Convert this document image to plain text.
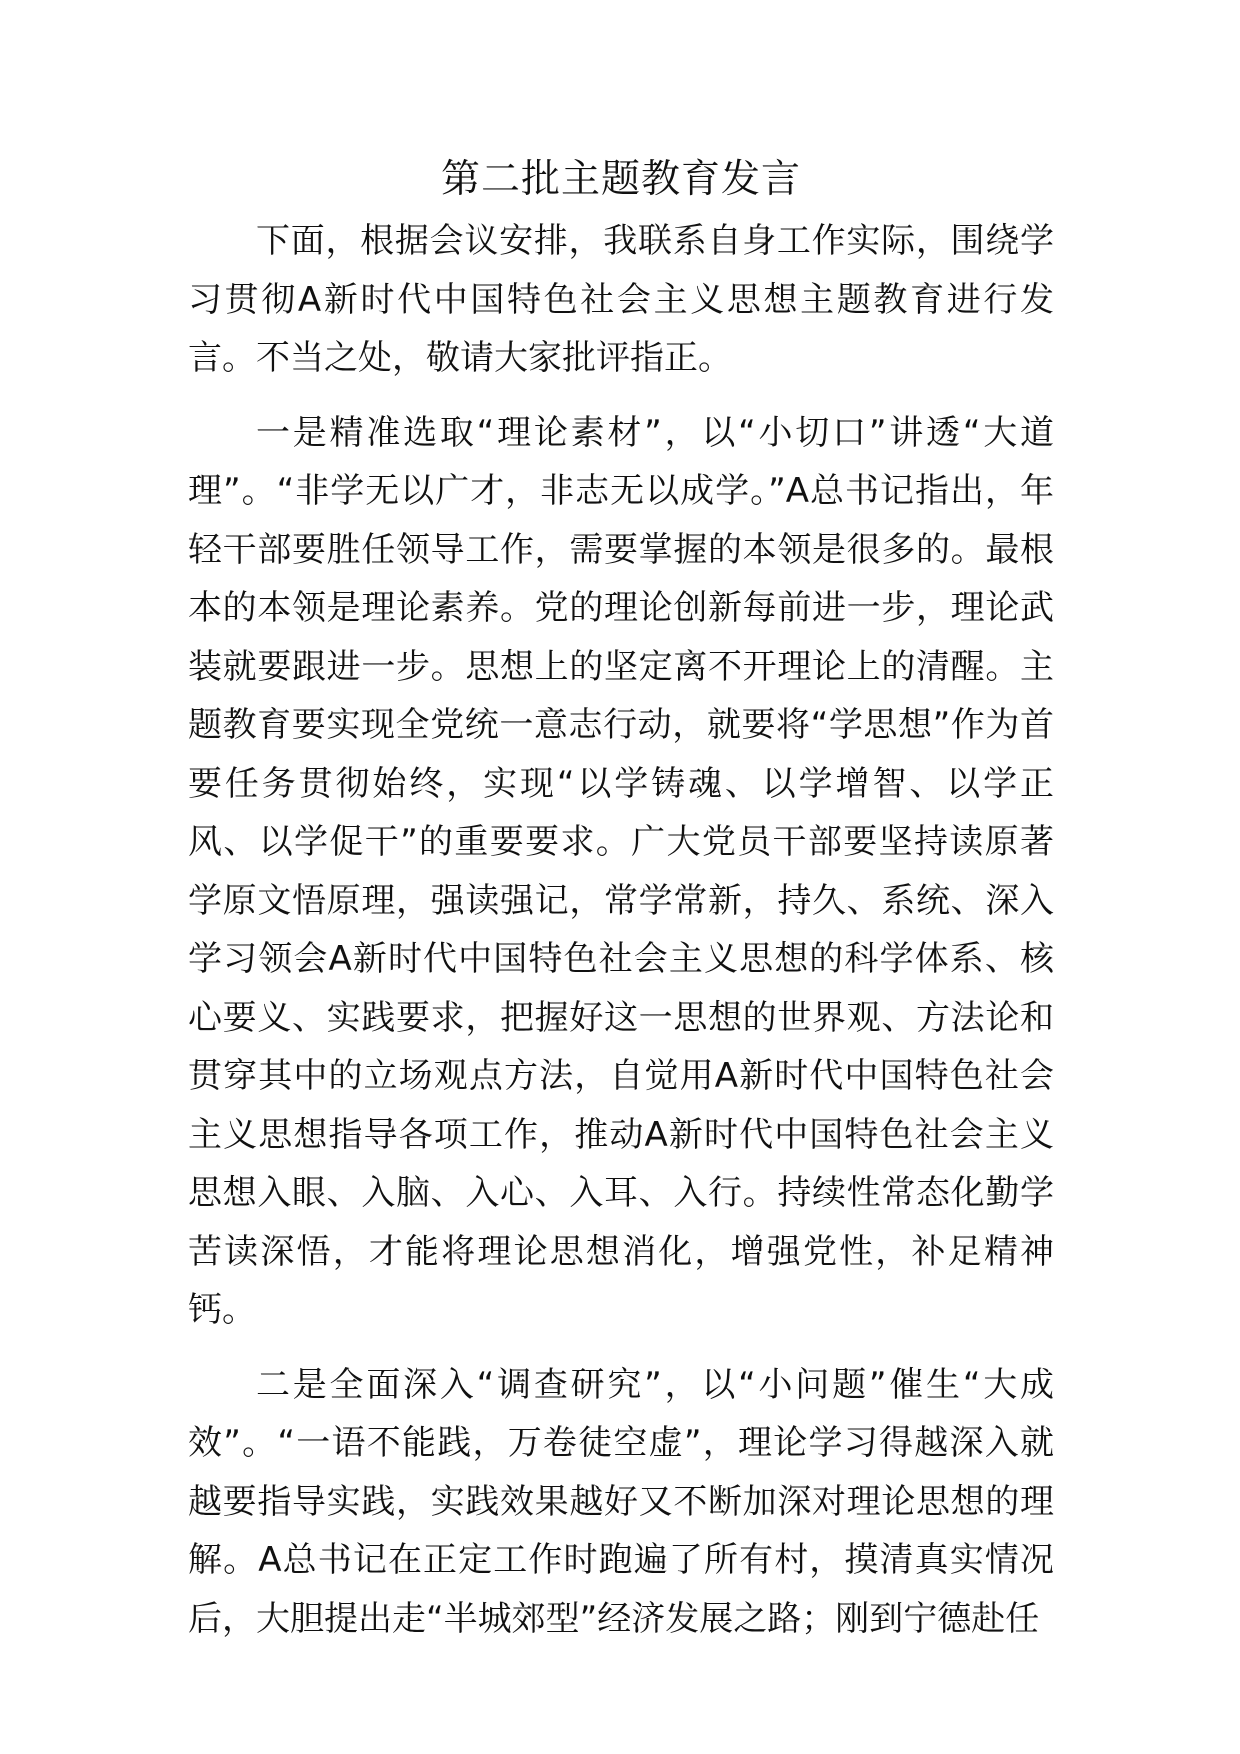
第二批主题教育发言

下面，根据会议安排，我联系自身工作实际，围绕学习贯彻A新时代中国特色社会主义思想主题教育进行发言。不当之处，敬请大家批评指正。

一是精准选取“理论素材”，以“小切口”讲透“大道理”。“非学无以广才，非志无以成学。”A总书记指出，年轻干部要胜任领导工作，需要掌握的本领是很多的。最根本的本领是理论素养。党的理论创新每前进一步，理论武装就要跟进一步。思想上的坚定离不开理论上的清醒。主题教育要实现全党统一意志行动，就要将“学思想”作为首要任务贯彻始终，实现“以学铸魂、以学增智、以学正风、以学促干”的重要要求。广大党员干部要坚持读原著学原文悟原理，强读强记，常学常新，持久、系统、深入学习领会A新时代中国特色社会主义思想的科学体系、核心要义、实践要求，把握好这一思想的世界观、方法论和贯穿其中的立场观点方法，自觉用A新时代中国特色社会主义思想指导各项工作，推动A新时代中国特色社会主义思想入眼、入脑、入心、入耳、入行。持续性常态化勤学苦读深悟，才能将理论思想消化，增强党性，补足精神钙。

二是全面深入“调查研究”，以“小问题”催生“大成效”。“一语不能践，万卷徒空虚”，理论学习得越深入就越要指导实践，实践效果越好又不断加深对理论思想的理解。A总书记在正定工作时跑遍了所有村，摸清真实情况后，大胆提出走“半城郊型”经济发展之路；刚到宁德赴任
